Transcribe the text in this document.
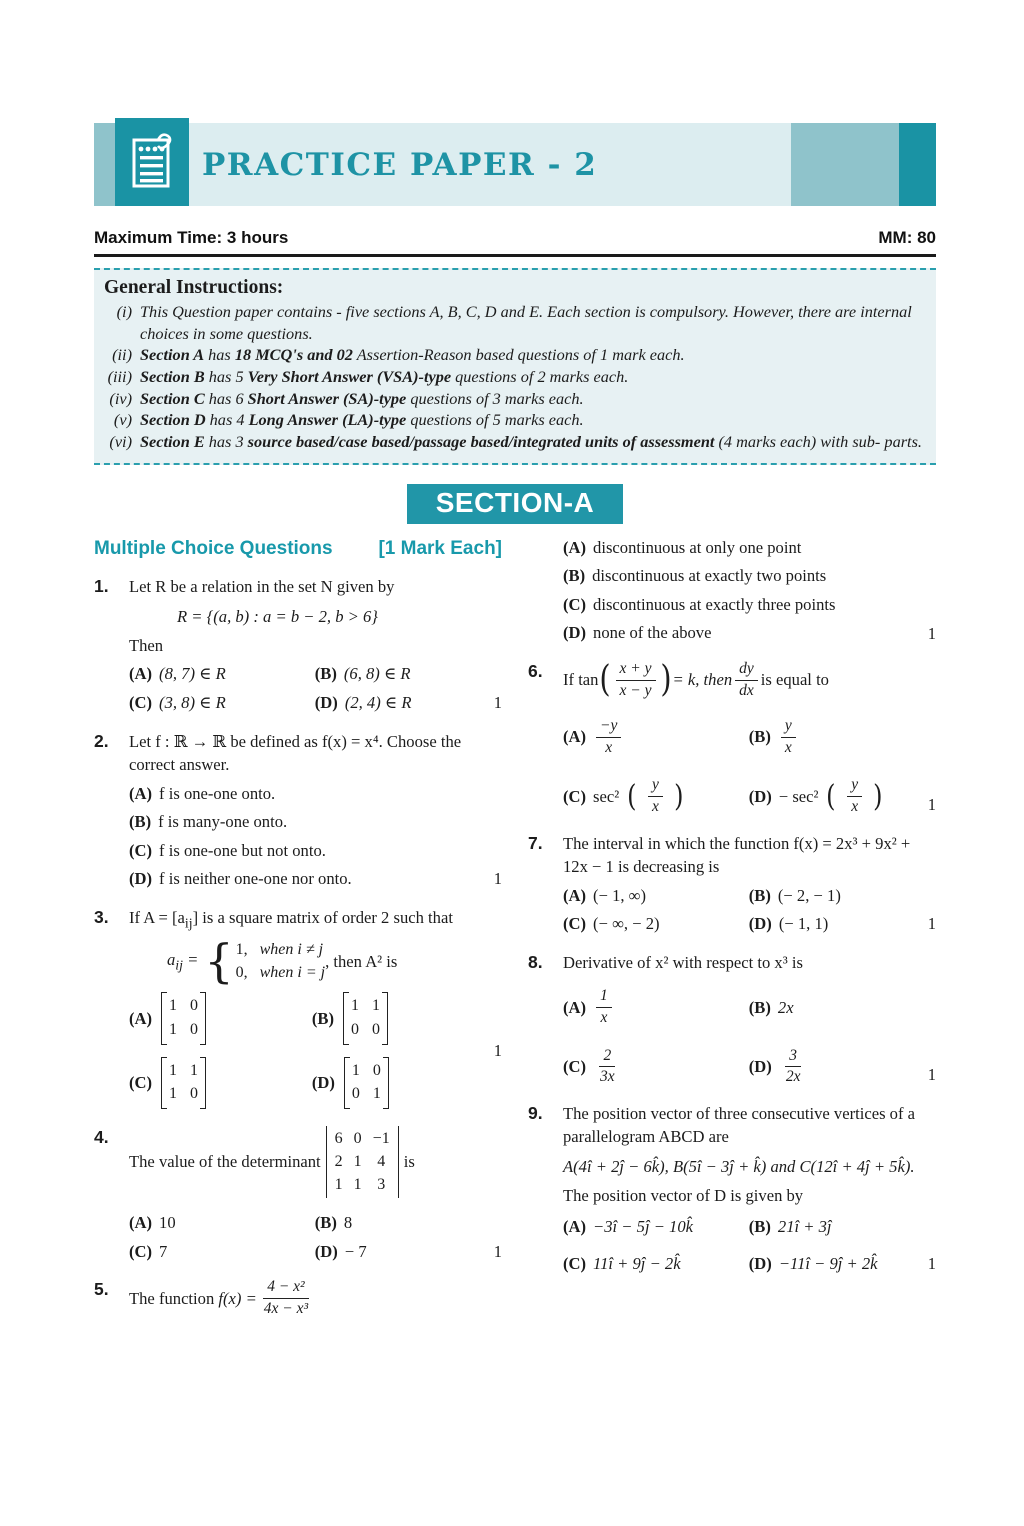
PRACTICE PAPER - 2
Maximum Time: 3 hours	MM: 80

General Instructions:

(i) This Question paper contains - five sections A, B, C, D and E. Each section is compulsory. However, there are internal choices in some questions.
(ii) Section A has 18 MCQ's and 02 Assertion-Reason based questions of 1 mark each.
(iii) Section B has 5 Very Short Answer (VSA)-type questions of 2 marks each.
(iv) Section C has 6 Short Answer (SA)-type questions of 3 marks each.
(v) Section D has 4 Long Answer (LA)-type questions of 5 marks each.
(vi) Section E has 3 source based/case based/passage based/integrated units of assessment (4 marks each) with sub- parts.
SECTION-A
Multiple Choice Questions [1 Mark Each]
1.	Let R be a relation in the set N given by

R = {(a, b) : a = b − 2, b > 6}

Then

(A) (8, 7) ∈ R	(B) (6, 8) ∈ R
(C) (3, 8) ∈ R	(D) (2, 4) ∈ R	1
2.	Let f : ℝ → ℝ be defined as f(x) = x⁴. Choose the correct answer.

(A) f is one-one onto.
(B) f is many-one onto.
(C) f is one-one but not onto.
(D) f is neither one-one nor onto.	1
3.	If $A = [a_{ij}]$ is a square matrix of order 2 such that

$a_{ij}$ = { 1, when i ≠ j
0, when i = j
, then A² is
(A)
1 0
1 0
(B)
1 1
0 0
(C)
1 1
1 0
(D)
1 0
0 1
1
4.
The value of the determinant
6 0 −1
2 1 4
1 1 3
is
(A) 10	(B) 8
(C) 7	(D) − 7	1
5.	The function
$f(x) = \frac{\text{4 − x²}}{\text{4x − x³}}$
(A) discontinuous at only one point
(B) discontinuous at exactly two points
(C) discontinuous at exactly three points
(D) none of the above	1
6.	If tan ( x + y
x − y ) = k, then
dy
dx
is equal to
(A)
−y
x
(B)
y
x
(C) sec² ( y
x )	(D) − sec² ( y
x )	1
7.	The interval in which the function f(x) = 2x³ + 9x² + 12x − 1 is decreasing is

(A) (− 1, ∞)	(B) (− 2, − 1)
(C) (− ∞, − 2)	(D) (− 1, 1)	1
8.	Derivative of x² with respect to x³ is

(A)
1
x
(B) 2x
(C)
2
3x
(D)
3
2x	1
9.	The position vector of three consecutive vertices of a parallelogram ABCD are

A(4î + 2ĵ − 6k̂), B(5î − 3ĵ + k̂) and C(12î + 4ĵ + 5k̂).

The position vector of D is given by

(A) −3î − 5ĵ − 10k̂	(B) 21î + 3ĵ
(C) 11î + 9ĵ − 2k̂	(D) −11î − 9ĵ + 2k̂	1
